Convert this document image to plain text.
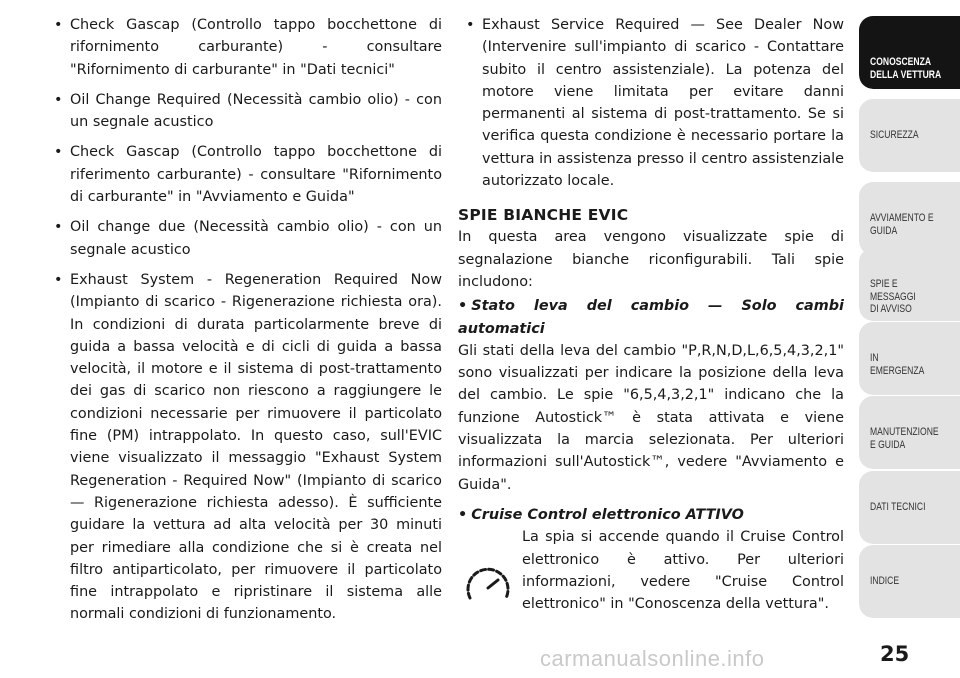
• Check Gascap (Controllo tappo bocchettone di rifornimento carburante) - consultare "Rifornimento di carburante" in "Dati tecnici"
• Oil Change Required (Necessità cambio olio) - con un segnale acustico
• Check Gascap (Controllo tappo bocchettone di riferimento carburante) - consultare "Rifornimento di carburante" in "Avviamento e Guida"
• Oil change due (Necessità cambio olio) - con un segnale acustico
• Exhaust System - Regeneration Required Now (Impianto di scarico - Rigenerazione richiesta ora). In condizioni di durata particolarmente breve di guida a bassa velocità e di cicli di guida a bassa velocità, il motore e il sistema di post-trattamento dei gas di scarico non riescono a raggiungere le condizioni necessarie per rimuovere il particolato fine (PM) intrappolato. In questo caso, sull'EVIC viene visualizzato il messaggio "Exhaust System Regeneration - Required Now" (Impianto di scarico — Rigenerazione richiesta adesso). È sufficiente guidare la vettura ad alta velocità per 30 minuti per rimediare alla condizione che si è creata nel filtro antiparticolato, per rimuovere il particolato fine intrappolato e ripristinare il sistema alle normali condizioni di funzionamento.
• Exhaust Service Required — See Dealer Now (Intervenire sull'impianto di scarico - Contattare subito il centro assistenziale). La potenza del motore viene limitata per evitare danni permanenti al sistema di post-trattamento. Se si verifica questa condizione è necessario portare la vettura in assistenza presso il centro assistenziale autorizzato locale.
SPIE BIANCHE EVIC

In questa area vengono visualizzate spie di segnalazione bianche riconfigurabili. Tali spie includono:

• Stato leva del cambio — Solo cambi automatici

Gli stati della leva del cambio "P,R,N,D,L,6,5,4,3,2,1" sono visualizzati per indicare la posizione della leva del cambio. Le spie "6,5,4,3,2,1" indicano che la funzione Autostick™ è stata attivata e viene visualizzata la marcia selezionata. Per ulteriori informazioni sull'Autostick™, vedere "Avviamento e Guida".

• Cruise Control elettronico ATTIVO

La spia si accende quando il Cruise Control elettronico è attivo. Per ulteriori informazioni, vedere "Cruise Control elettronico" in "Conoscenza della vettura".

CONOSCENZA
DELLA VETTURA
SICUREZZA
AVVIAMENTO E
GUIDA
SPIE E
MESSAGGI
DI AVVISO
IN
EMERGENZA
MANUTENZIONE
E GUIDA
DATI TECNICI
INDICE
25
carmanualsonline.info
